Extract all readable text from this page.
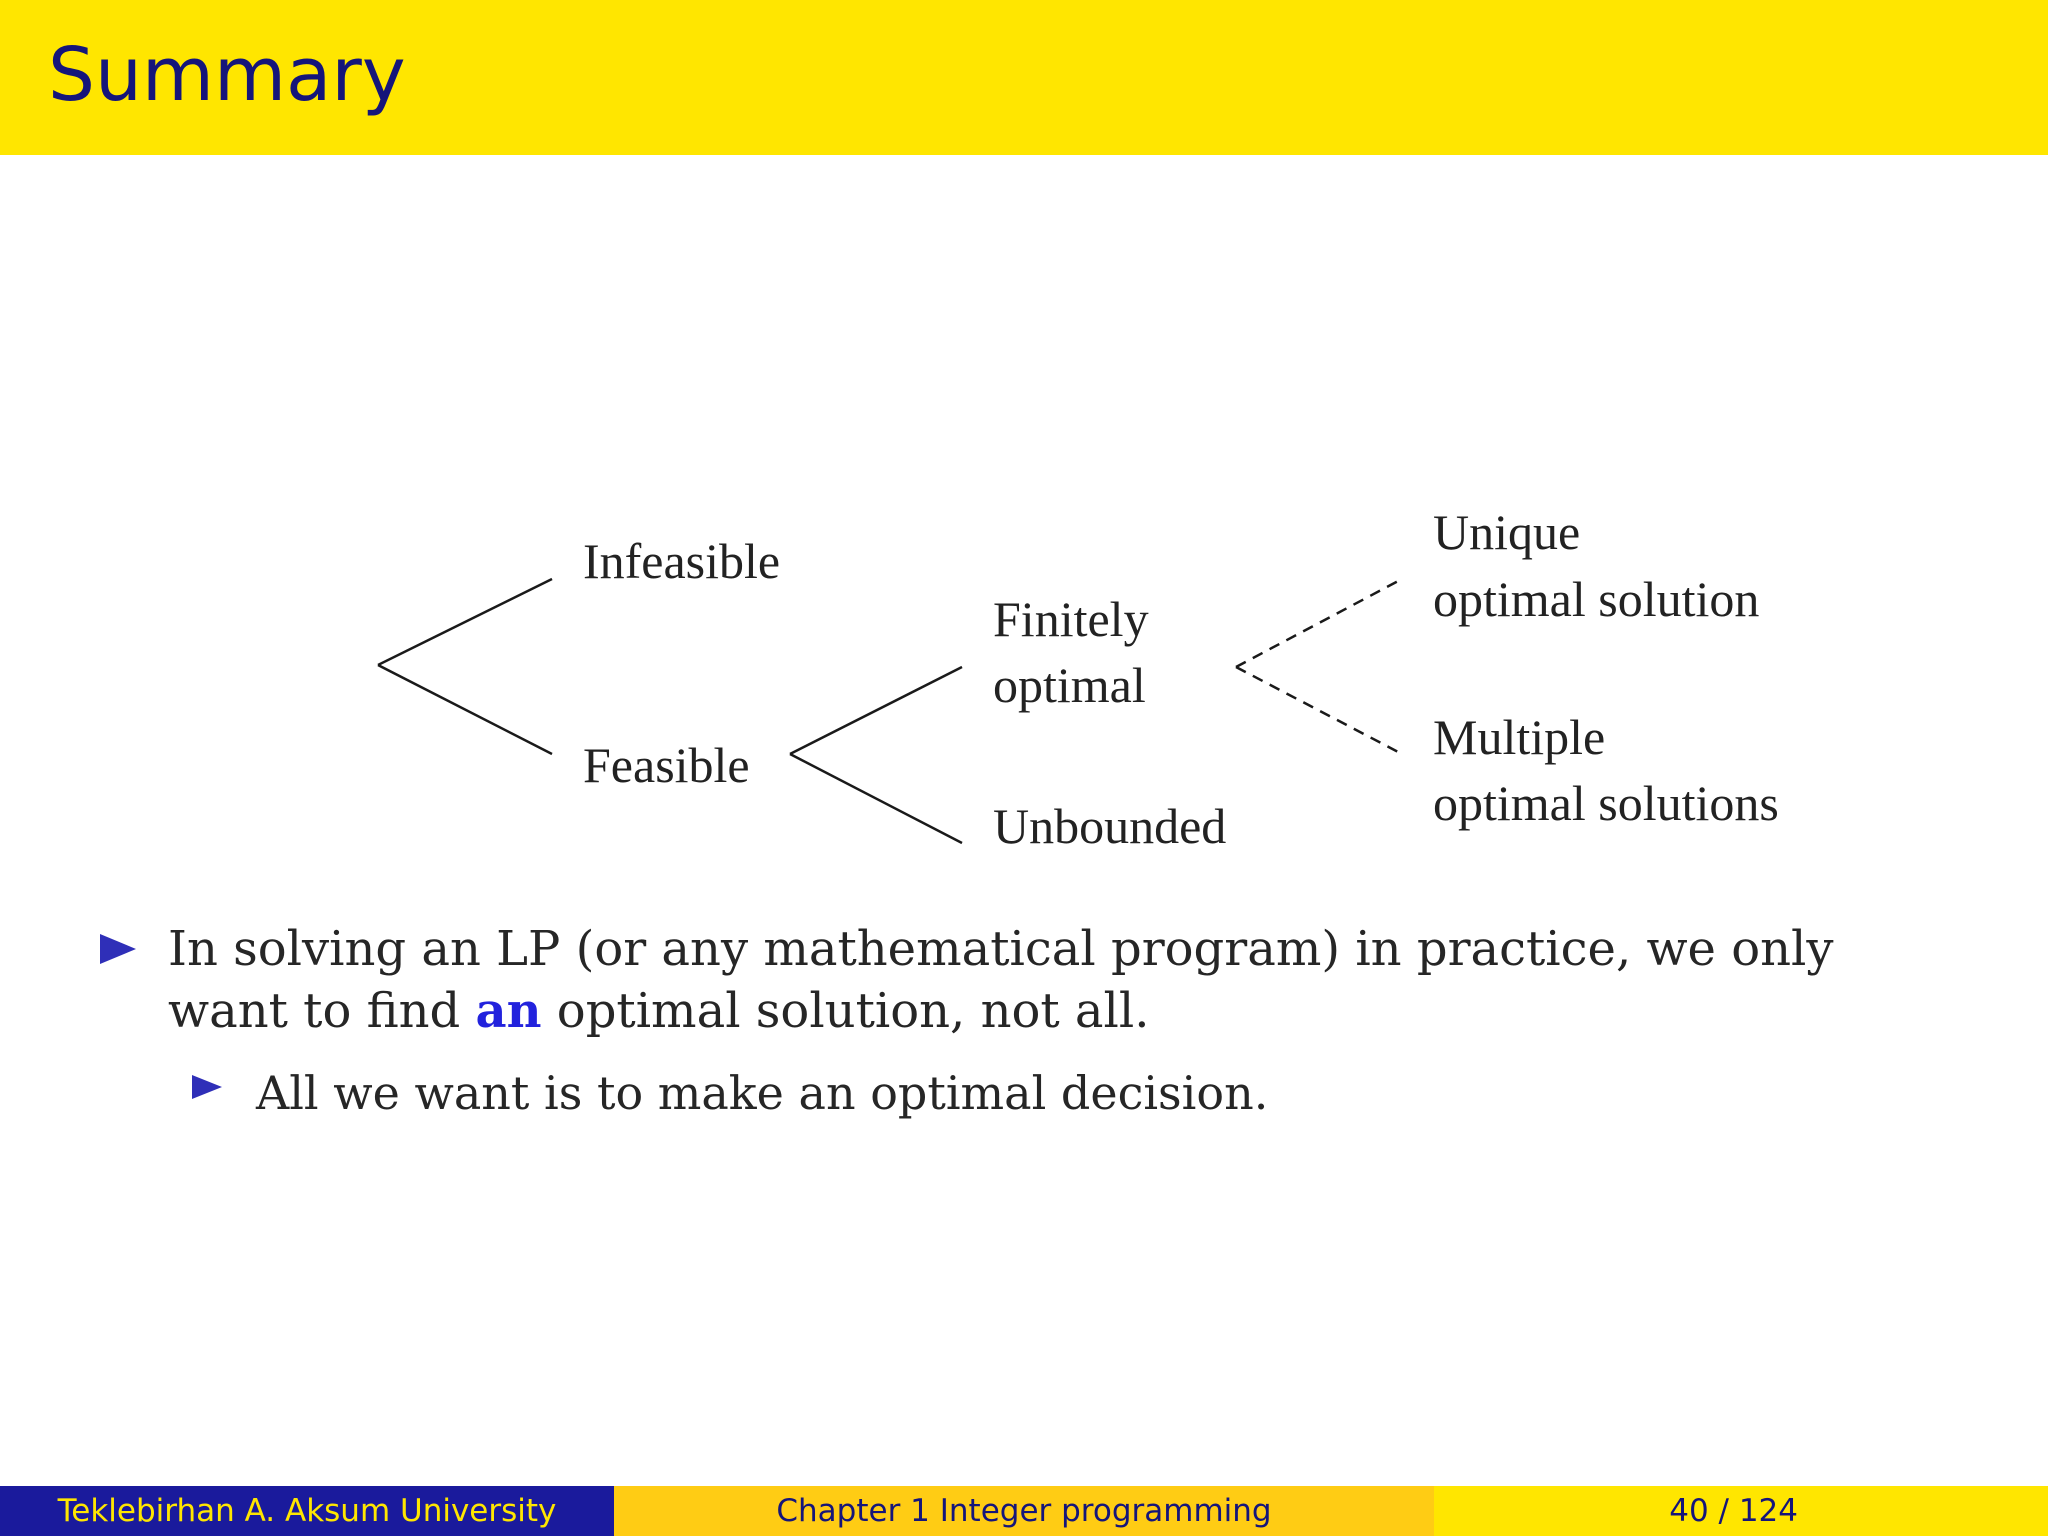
Summary
Infeasible
Feasible
Finitely
optimal
Unbounded
Unique
optimal solution
Multiple
optimal solutions
In solving an LP (or any mathematical program) in practice, we only
want to find an optimal solution, not all.
All we want is to make an optimal decision.
Teklebirhan A. Aksum University	Chapter 1 Integer programming	40 / 124
